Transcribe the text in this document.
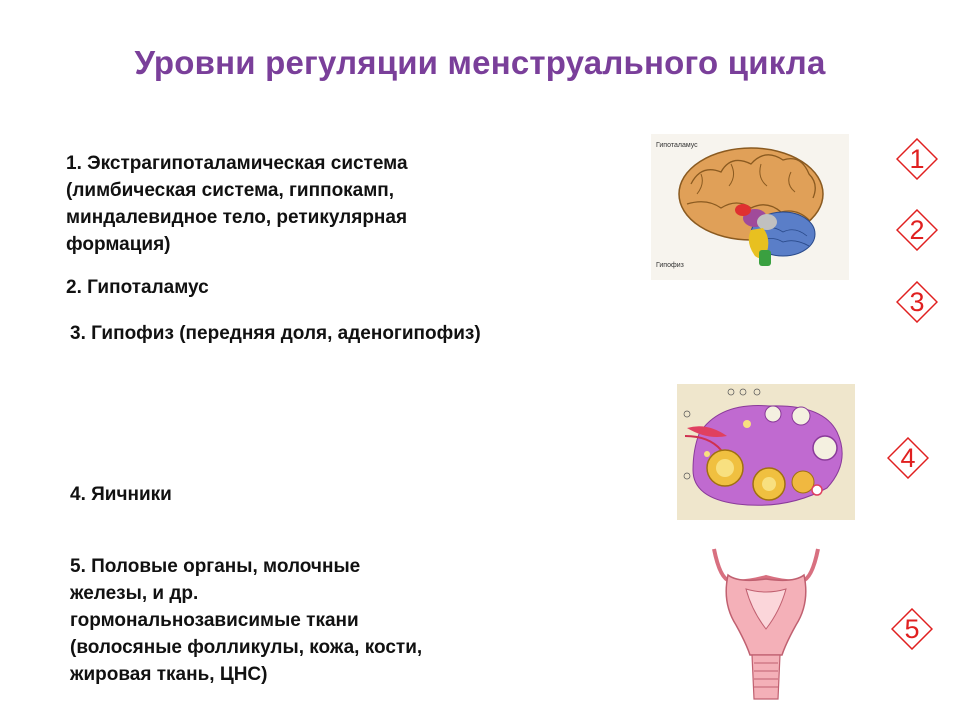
Уровни регуляции менструального цикла
1. Экстрагипоталамическая система
(лимбическая система, гиппокамп,
миндалевидное тело, ретикулярная
формация)
2. Гипоталамус
3. Гипофиз (передняя доля, аденогипофиз)
4. Яичники
5. Половые органы, молочные
железы, и др.
гормональнозависимые ткани
(волосяные фолликулы, кожа, кости,
жировая ткань, ЦНС)
1
2
3
4
5
Гипоталамус
Гипофиз
